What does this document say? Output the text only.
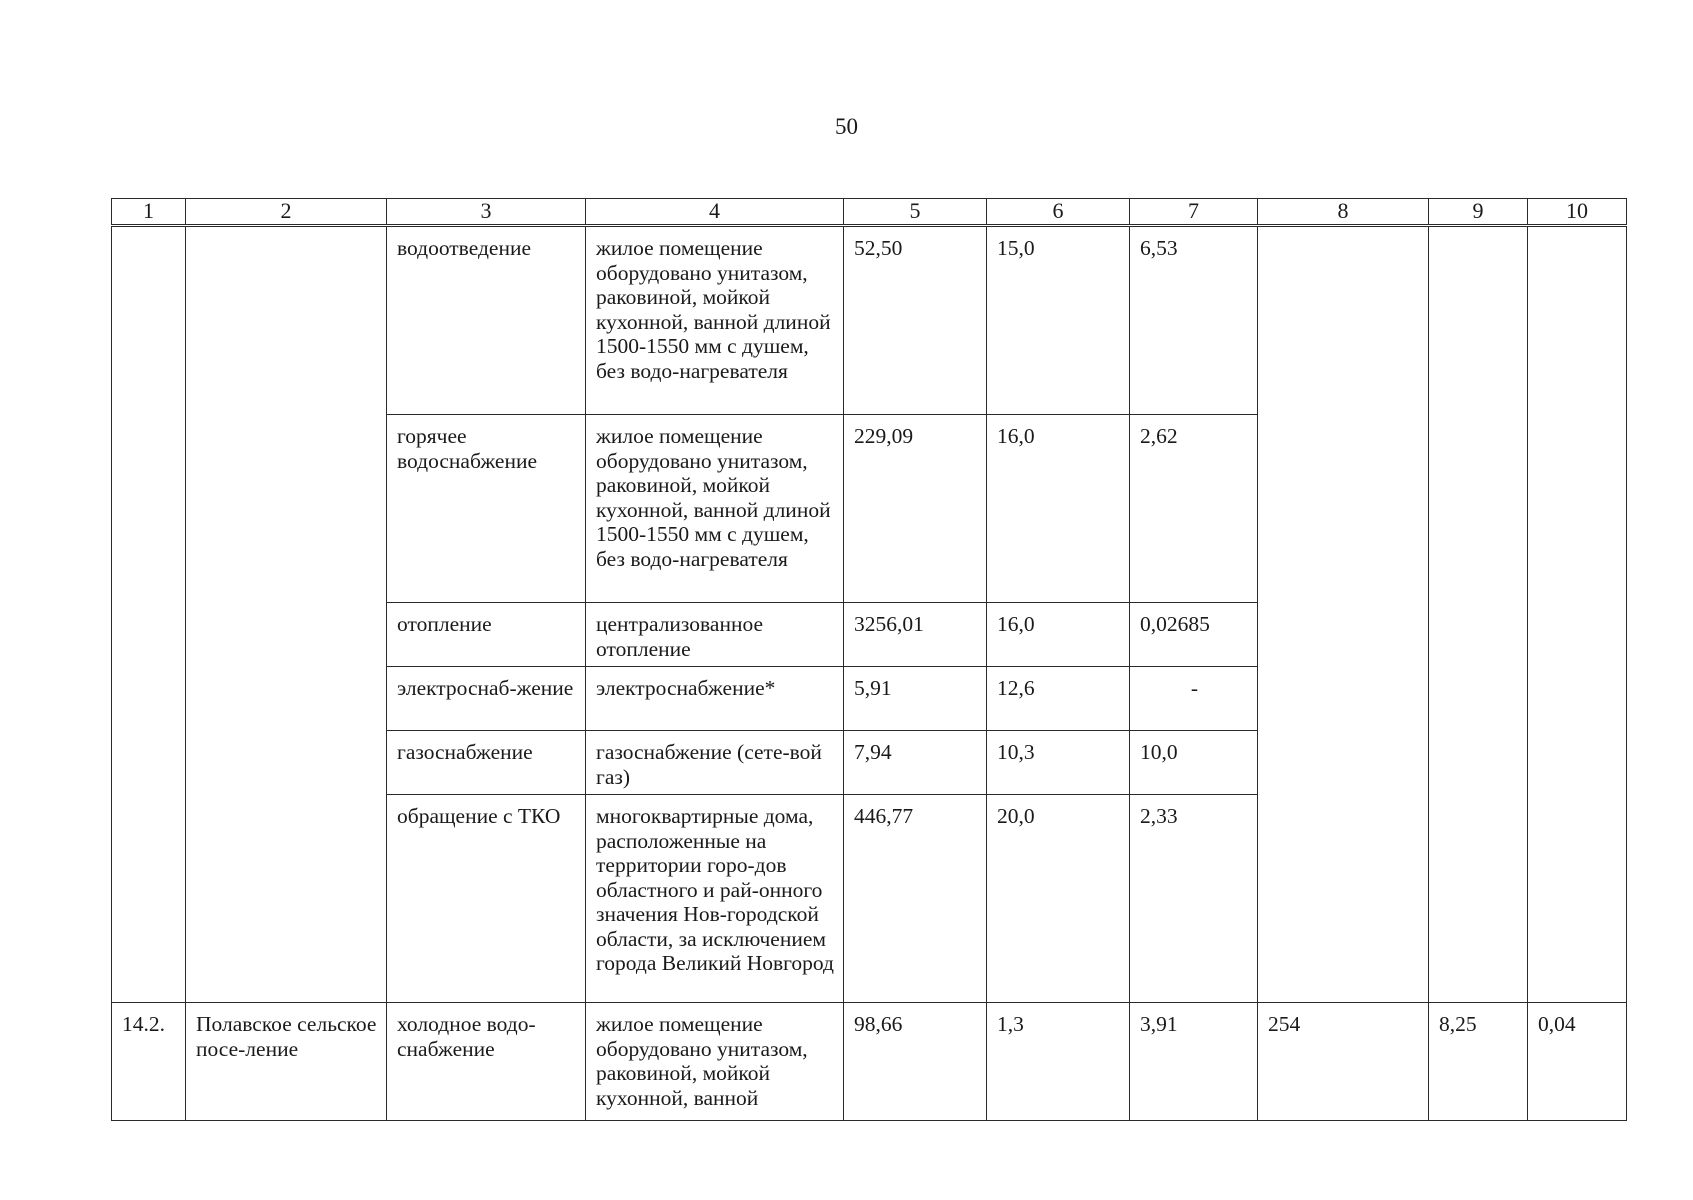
50
1	2	3	4	5	6	7	8	9	10
		водоотведение	жилое помещение оборудовано унитазом, раковиной, мойкой кухонной, ванной длиной 1500-1550 мм с душем, без водо-нагревателя	52,50	15,0	6,53			
		горячее водоснабжение	жилое помещение оборудовано унитазом, раковиной, мойкой кухонной, ванной длиной 1500-1550 мм с душем, без водо-нагревателя	229,09	16,0	2,62			
		отопление	централизованное отопление	3256,01	16,0	0,02685			
		электроснаб-жение	электроснабжение*	5,91	12,6	-			
		газоснабжение	газоснабжение (сете-вой газ)	7,94	10,3	10,0			
		обращение с ТКО	многоквартирные дома, расположенные на территории горо-дов областного и рай-онного значения Нов-городской области, за исключением города Великий Новгород	446,77	20,0	2,33			
14.2.	Полавское сельское посе-ление	холодное водо-снабжение	жилое помещение оборудовано унитазом, раковиной, мойкой кухонной, ванной	98,66	1,3	3,91	254	8,25	0,04
